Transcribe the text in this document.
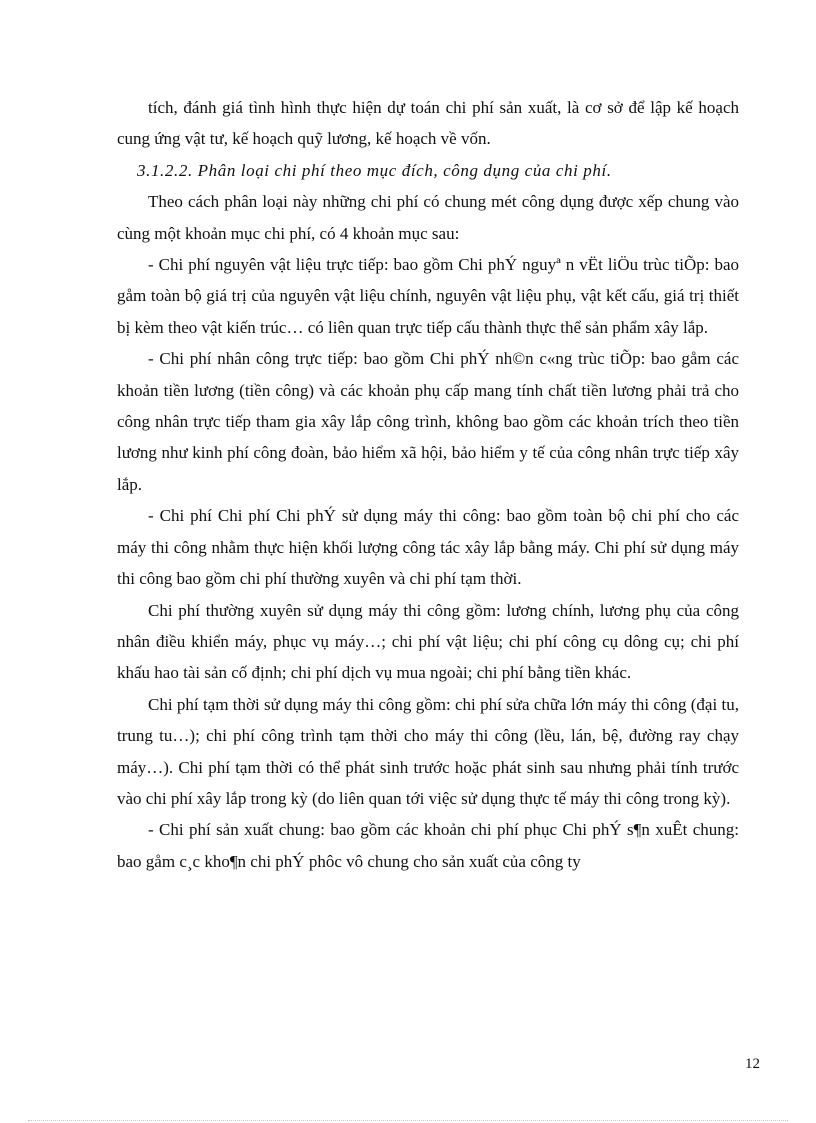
tích, đánh giá tình hình thực hiện dự toán chi phí sản xuất, là cơ sở để lập kế hoạch cung ứng vật tư, kế hoạch quỹ lương, kế hoạch về vốn.

3.1.2.2. Phân loại chi phí theo mục đích, công dụng của chi phí.

Theo cách phân loại này những chi phí có chung mét công dụng được xếp chung vào cùng một khoản mục chi phí, có 4 khoản mục sau:

- Chi phí nguyên vật liệu trực tiếp: bao gồm Chi phÝ nguyª n vËt liÖu trùc tiÕp: bao gåm toàn bộ giá trị của nguyên vật liệu chính, nguyên vật liệu phụ, vật kết cấu, giá trị thiết bị kèm theo vật kiến trúc… có liên quan trực tiếp cấu thành thực thể sản phẩm xây lắp.

- Chi phí nhân công trực tiếp: bao gồm Chi phÝ nh©n c«ng trùc tiÕp: bao gåm các khoản tiền lương (tiền công) và các khoản phụ cấp mang tính chất tiền lương phải trả cho công nhân trực tiếp tham gia xây lắp công trình, không bao gồm các khoản trích theo tiền lương như kinh phí công đoàn, bảo hiểm xã hội, bảo hiểm y tế của công nhân trực tiếp xây lắp.

- Chi phí Chi phí Chi phÝ sử dụng máy thi công: bao gồm toàn bộ chi phí cho các máy thi công nhằm thực hiện khối lượng công tác xây lắp bằng máy. Chi phí sử dụng máy thi công bao gồm chi phí thường xuyên và chi phí tạm thời.

Chi phí thường xuyên sử dụng máy thi công gồm: lương chính, lương phụ của công nhân điều khiển máy, phục vụ máy…; chi phí vật liệu; chi phí công cụ dông cụ; chi phí khấu hao tài sản cố định; chi phí dịch vụ mua ngoài; chi phí bằng tiền khác.

Chi phí tạm thời sử dụng máy thi công gồm: chi phí sửa chữa lớn máy thi công (đại tu, trung tu…); chi phí công trình tạm thời cho máy thi công (lều, lán, bệ, đường ray chạy máy…). Chi phí tạm thời có thể phát sinh trước hoặc phát sinh sau nhưng phải tính trước vào chi phí xây lắp trong kỳ (do liên quan tới việc sử dụng thực tế máy thi công trong kỳ).

- Chi phí sản xuất chung: bao gồm các khoản chi phí phục Chi phÝ s¶n xuÊt chung: bao gåm c¸c kho¶n chi phÝ phôc vô chung cho sản xuất của công ty

12
